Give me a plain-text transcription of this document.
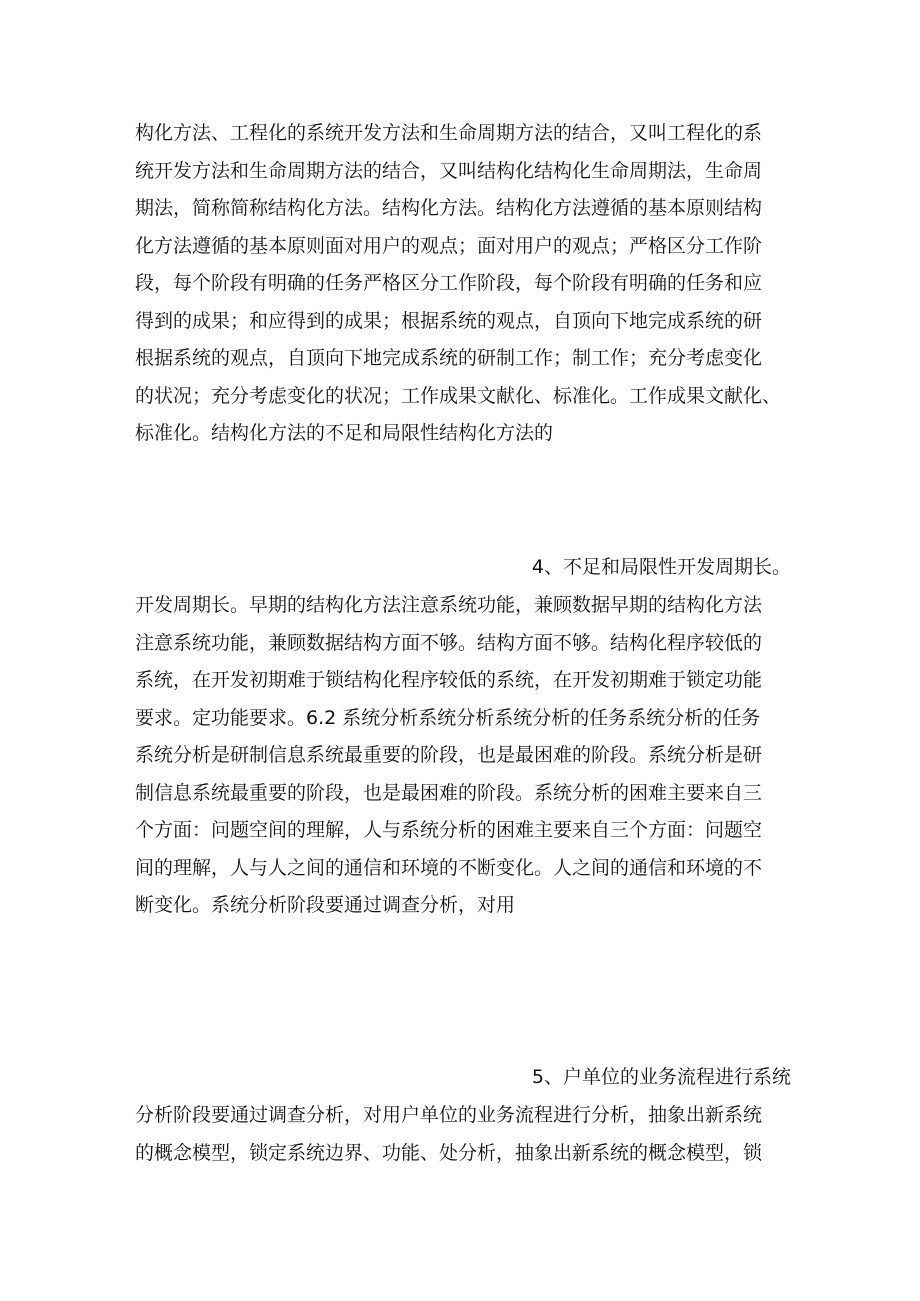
构化方法、工程化的系统开发方法和生命周期方法的结合，又叫工程化的系
统开发方法和生命周期方法的结合，又叫结构化结构化生命周期法，生命周
期法，简称简称结构化方法。结构化方法。结构化方法遵循的基本原则结构
化方法遵循的基本原则面对用户的观点；面对用户的观点；严格区分工作阶
段，每个阶段有明确的任务严格区分工作阶段，每个阶段有明确的任务和应
得到的成果；和应得到的成果；根据系统的观点，自顶向下地完成系统的研
根据系统的观点，自顶向下地完成系统的研制工作；制工作；充分考虑变化
的状况；充分考虑变化的状况；工作成果文献化、标准化。工作成果文献化、
标准化。结构化方法的不足和局限性结构化方法的
4、不足和局限性开发周期长。
开发周期长。早期的结构化方法注意系统功能，兼顾数据早期的结构化方法
注意系统功能，兼顾数据结构方面不够。结构方面不够。结构化程序较低的
系统，在开发初期难于锁结构化程序较低的系统，在开发初期难于锁定功能
要求。定功能要求。6.2 系统分析系统分析系统分析的任务系统分析的任务
系统分析是研制信息系统最重要的阶段，也是最困难的阶段。系统分析是研
制信息系统最重要的阶段，也是最困难的阶段。系统分析的困难主要来自三
个方面：问题空间的理解，人与系统分析的困难主要来自三个方面：问题空
间的理解，人与人之间的通信和环境的不断变化。人之间的通信和环境的不
断变化。系统分析阶段要通过调查分析，对用
5、户单位的业务流程进行系统
分析阶段要通过调查分析，对用户单位的业务流程进行分析，抽象出新系统
的概念模型，锁定系统边界、功能、处分析，抽象出新系统的概念模型，锁
